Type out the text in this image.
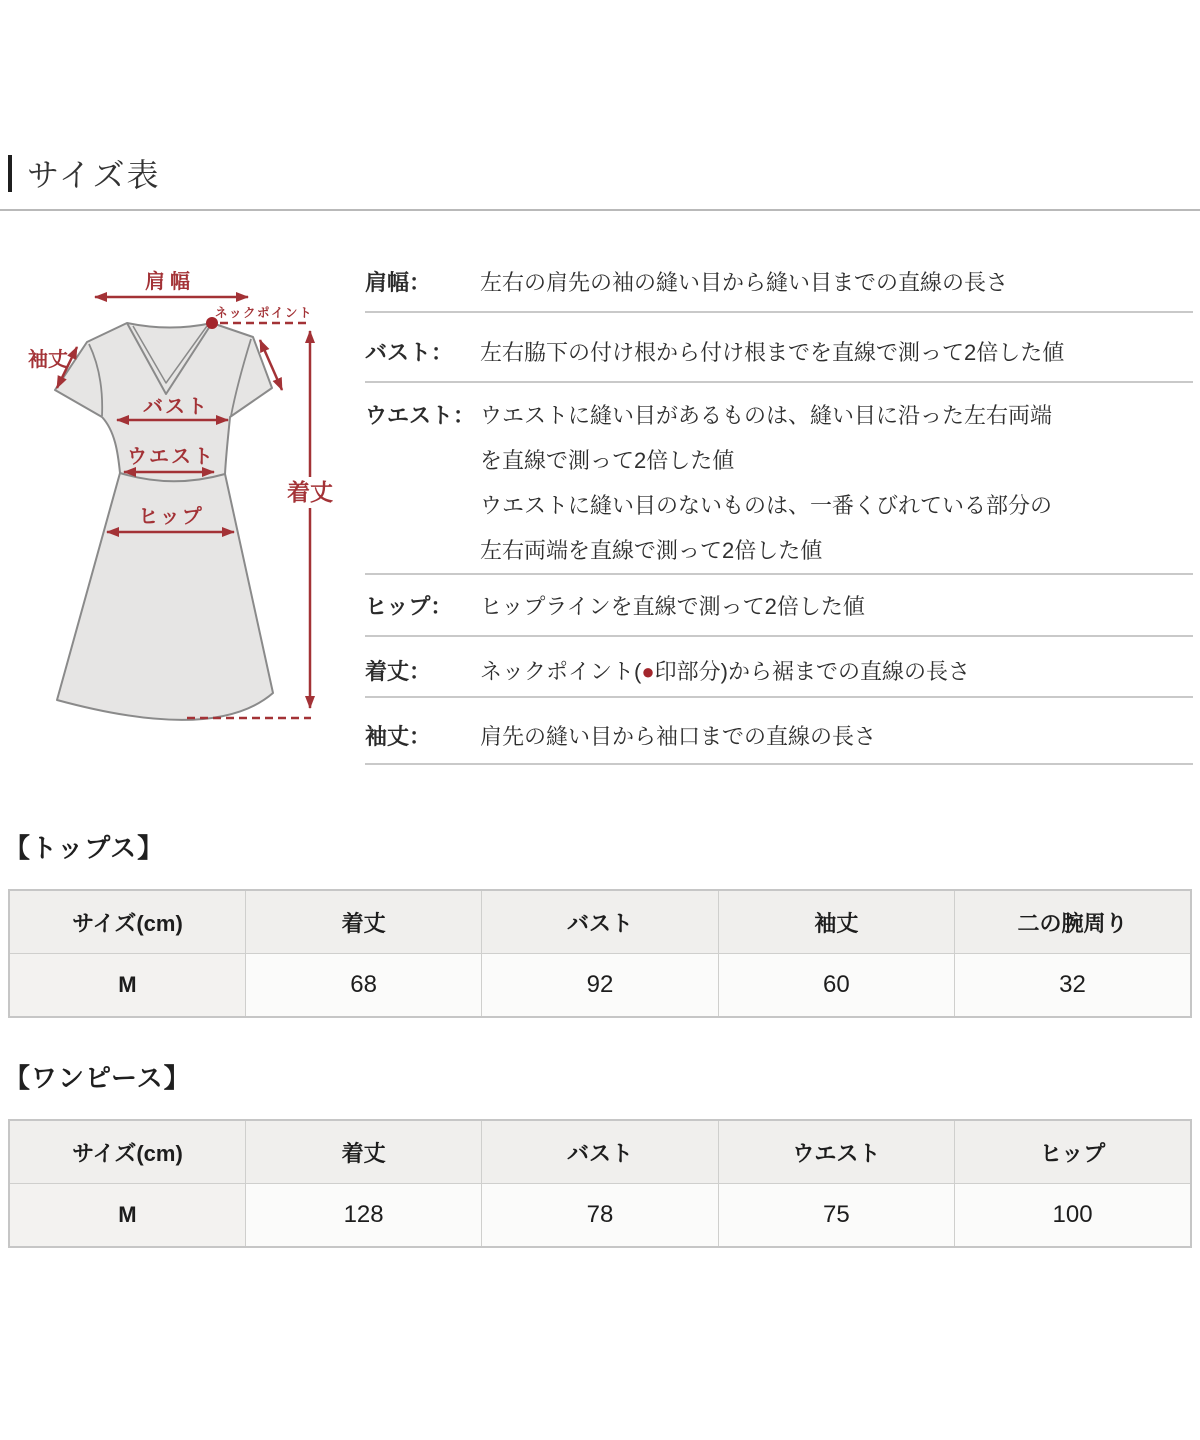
サイズ表
肩幅
ネックポイント
袖丈
バスト
ウエスト
ヒップ
着丈
肩幅：	左右の肩先の袖の縫い目から縫い目までの直線の長さ
バスト：	左右脇下の付け根から付け根までを直線で測って2倍した値
ウエスト： ウエストに縫い目があるものは、縫い目に沿った左右両端
を直線で測って2倍した値
ウエストに縫い目のないものは、一番くびれている部分の
左右両端を直線で測って2倍した値
ヒップ：	ヒップラインを直線で測って2倍した値
着丈：	ネックポイント(●印部分)から裾までの直線の長さ
袖丈：	肩先の縫い目から袖口までの直線の長さ
【トップス】
サイズ(cm)	着丈	バスト	袖丈	二の腕周り
M	68	92	60	32
【ワンピース】
サイズ(cm)	着丈	バスト	ウエスト	ヒップ
M	128	78	75	100
